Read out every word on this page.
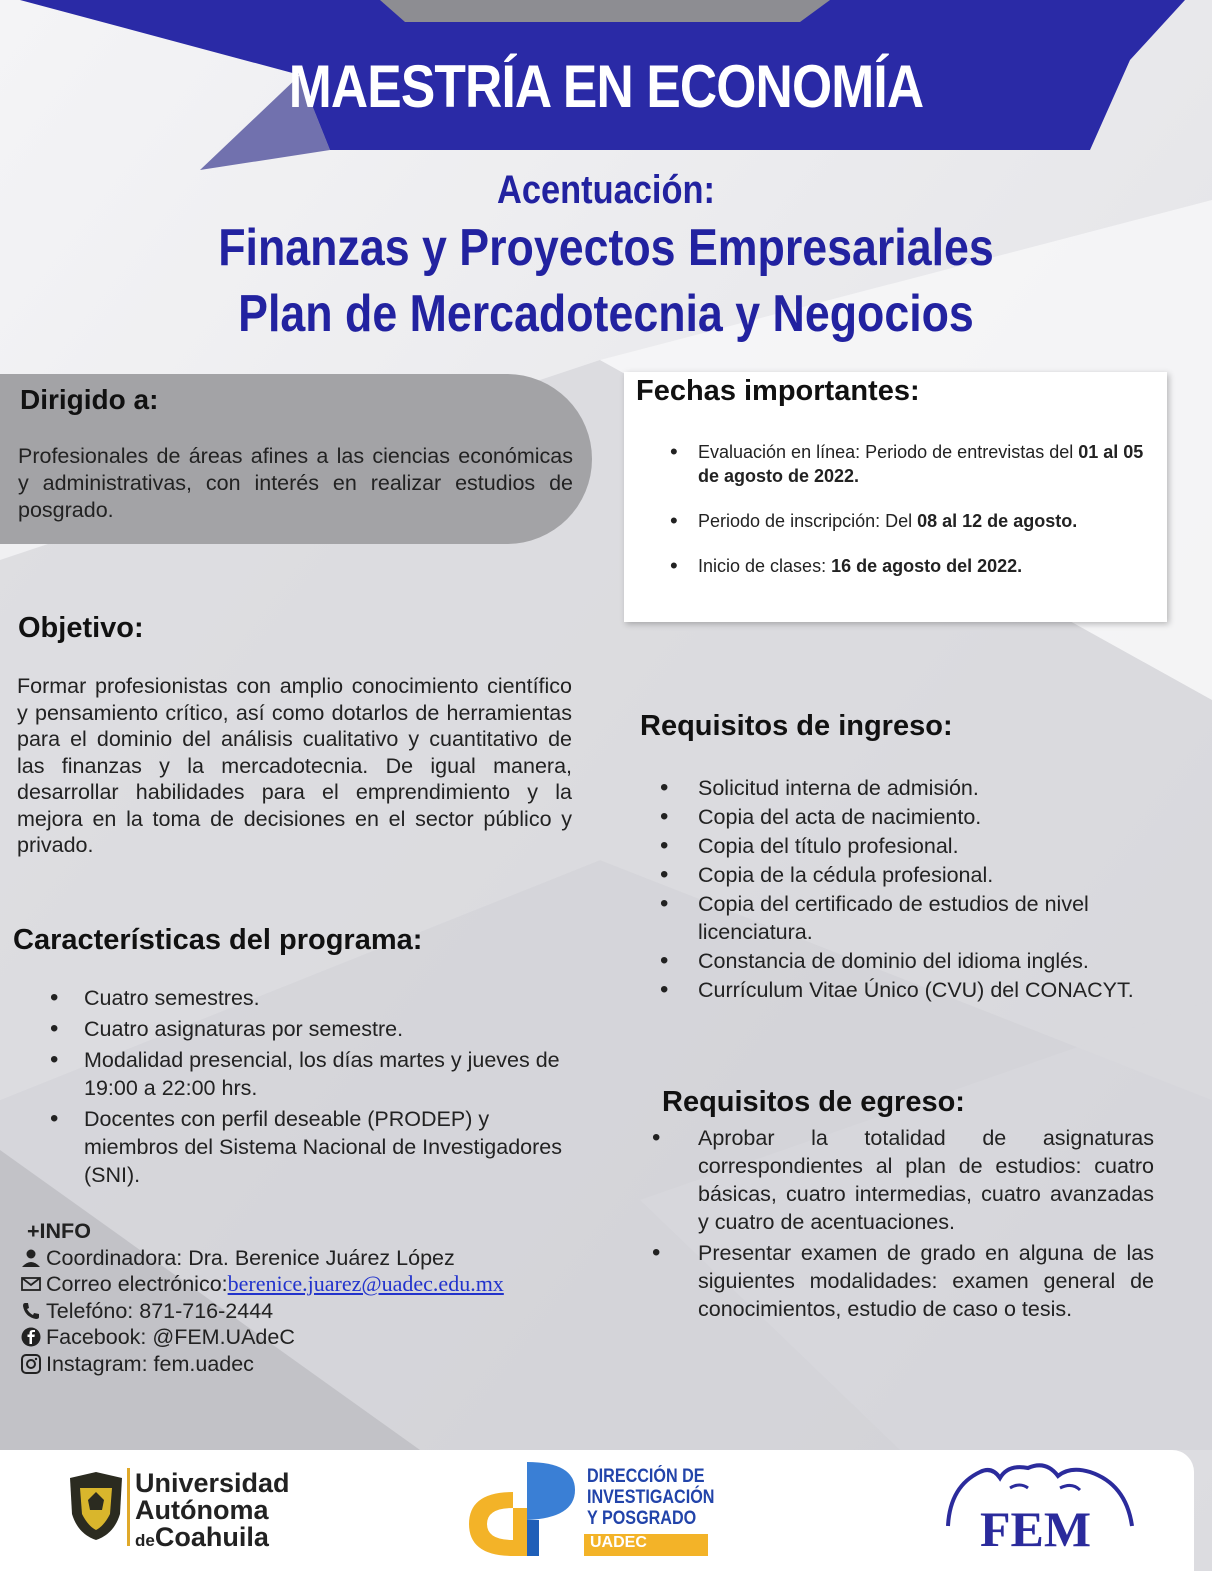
MAESTRÍA EN ECONOMÍA
Acentuación:
Finanzas y Proyectos Empresariales
Plan de Mercadotecnia y Negocios
Dirigido a:
Profesionales de áreas afines a las ciencias económicas y administrativas, con interés en realizar estudios de posgrado.
Fechas importantes:
• Evaluación en línea: Periodo de entrevistas del 01 al 05 de agosto de 2022.
• Periodo de inscripción: Del 08 al 12 de agosto.
• Inicio de clases: 16 de agosto del 2022.
Objetivo:
Formar profesionistas con amplio conocimiento científico y pensamiento crítico, así como dotarlos de herramientas para el dominio del análisis cualitativo y cuantitativo de las finanzas y la mercadotecnia. De igual manera, desarrollar habilidades para el emprendimiento y la mejora en la toma de decisiones en el sector público y privado.
Características del programa:
• Cuatro semestres.
• Cuatro asignaturas por semestre.
• Modalidad presencial, los días martes y jueves de 19:00 a 22:00 hrs.
• Docentes con perfil deseable (PRODEP) y miembros del Sistema Nacional de Investigadores (SNI).
Requisitos de ingreso:
• Solicitud interna de admisión.
• Copia del acta de nacimiento.
• Copia del título profesional.
• Copia de la cédula profesional.
• Copia del certificado de estudios de nivel licenciatura.
• Constancia de dominio del idioma inglés.
• Currículum Vitae Único (CVU) del CONACYT.
Requisitos de egreso:
• Aprobar la totalidad de asignaturas correspondientes al plan de estudios: cuatro básicas, cuatro intermedias, cuatro avanzadas y cuatro de acentuaciones.
• Presentar examen de grado en alguna de las siguientes modalidades: examen general de conocimientos, estudio de caso o tesis.
+INFO
Coordinadora: Dra. Berenice Juárez López
Correo electrónico: berenice.juarez@uadec.edu.mx
Telefóno: 871-716-2444
Facebook: @FEM.UAdeC
Instagram: fem.uadec
Universidad
Autónoma
deCoahuila
DIRECCIÓN DE
INVESTIGACIÓN
Y POSGRADO
UADEC	FEM
